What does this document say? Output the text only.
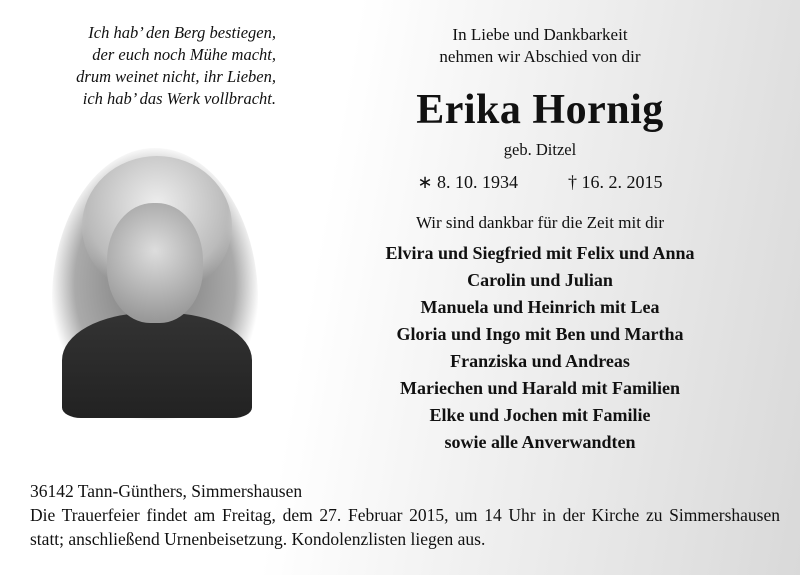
Ich hab’ den Berg bestiegen,
der euch noch Mühe macht,
drum weinet nicht, ihr Lieben,
ich hab’ das Werk vollbracht.
In Liebe und Dankbarkeit
nehmen wir Abschied von dir
Erika Hornig
geb. Ditzel
∗ 8. 10. 1934	† 16. 2. 2015
Wir sind dankbar für die Zeit mit dir
Elvira und Siegfried mit Felix und Anna
Carolin und Julian
Manuela und Heinrich mit Lea
Gloria und Ingo mit Ben und Martha
Franziska und Andreas
Mariechen und Harald mit Familien
Elke und Jochen mit Familie
sowie alle Anverwandten
36142 Tann-Günthers, Simmershausen
Die Trauerfeier findet am Freitag, dem 27. Februar 2015, um 14 Uhr in der Kirche zu Simmershausen statt; anschließend Urnenbeisetzung. Kondolenzlisten liegen aus.
